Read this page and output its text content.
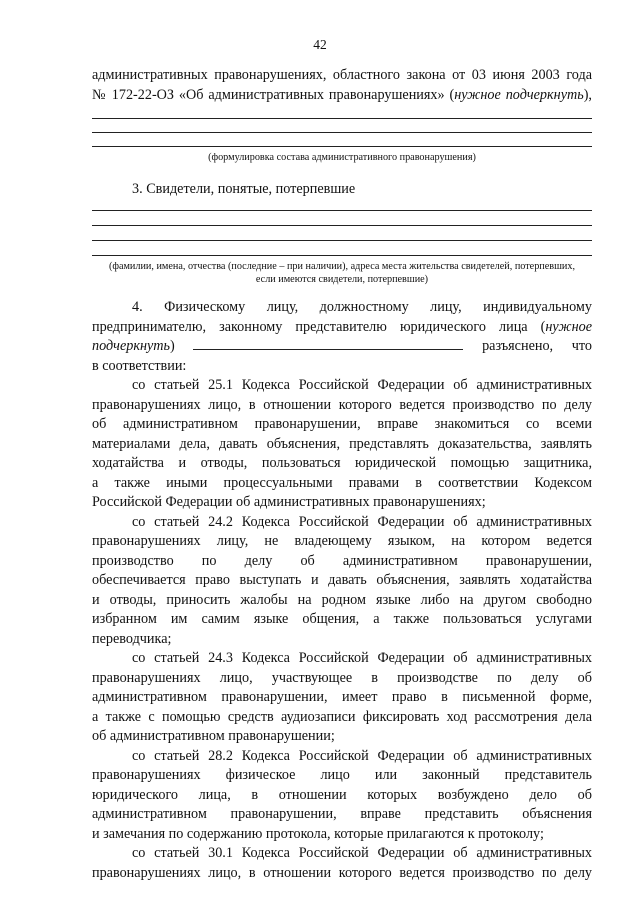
42
административных правонарушениях, областного закона от 03 июня 2003 года
№ 172-22-ОЗ «Об административных правонарушениях» (нужное подчеркнуть),
(формулировка состава административного правонарушения)
3. Свидетели, понятые, потерпевшие
(фамилии, имена, отчества (последние – при наличии), адреса места жительства свидетелей, потерпевших,
если имеются свидетели, потерпевшие)
4. Физическому лицу, должностному лицу, индивидуальному
предпринимателю, законному представителю юридического лица (нужное
подчеркнуть)	разъяснено, что
в соответствии:
со статьей 25.1 Кодекса Российской Федерации об административных
правонарушениях лицо, в отношении которого ведется производство по делу
об административном правонарушении, вправе знакомиться со всеми
материалами дела, давать объяснения, представлять доказательства, заявлять
ходатайства и отводы, пользоваться юридической помощью защитника,
а также иными процессуальными правами в соответствии Кодексом
Российской Федерации об административных правонарушениях;
со статьей 24.2 Кодекса Российской Федерации об административных
правонарушениях лицу, не владеющему языком, на котором ведется
производство по делу об административном правонарушении,
обеспечивается право выступать и давать объяснения, заявлять ходатайства
и отводы, приносить жалобы на родном языке либо на другом свободно
избранном им самим языке общения, а также пользоваться услугами
переводчика;
со статьей 24.3 Кодекса Российской Федерации об административных
правонарушениях лицо, участвующее в производстве по делу об
административном правонарушении, имеет право в письменной форме,
а также с помощью средств аудиозаписи фиксировать ход рассмотрения дела
об административном правонарушении;
со статьей 28.2 Кодекса Российской Федерации об административных
правонарушениях физическое лицо или законный представитель
юридического лица, в отношении которых возбуждено дело об
административном правонарушении, вправе представить объяснения
и замечания по содержанию протокола, которые прилагаются к протоколу;
со статьей 30.1 Кодекса Российской Федерации об административных
правонарушениях лицо, в отношении которого ведется производство по делу
